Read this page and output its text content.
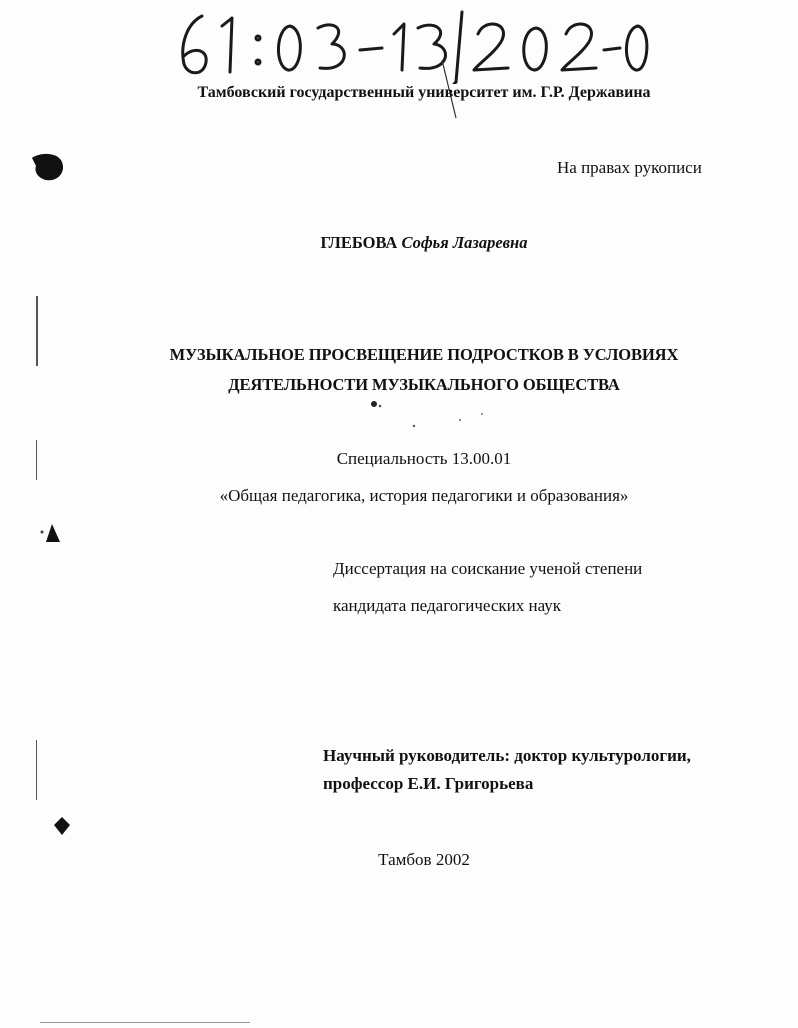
Тамбовский государственный университет им. Г.Р. Державина
На правах рукописи
ГЛЕБОВА Софья Лазаревна
МУЗЫКАЛЬНОЕ ПРОСВЕЩЕНИЕ ПОДРОСТКОВ В УСЛОВИЯХ
ДЕЯТЕЛЬНОСТИ МУЗЫКАЛЬНОГО ОБЩЕСТВА
Специальность 13.00.01
«Общая педагогика, история педагогики и образования»
Диссертация на соискание ученой степени
кандидата педагогических наук
Научный руководитель: доктор культурологии,
профессор Е.И. Григорьева
Тамбов 2002
